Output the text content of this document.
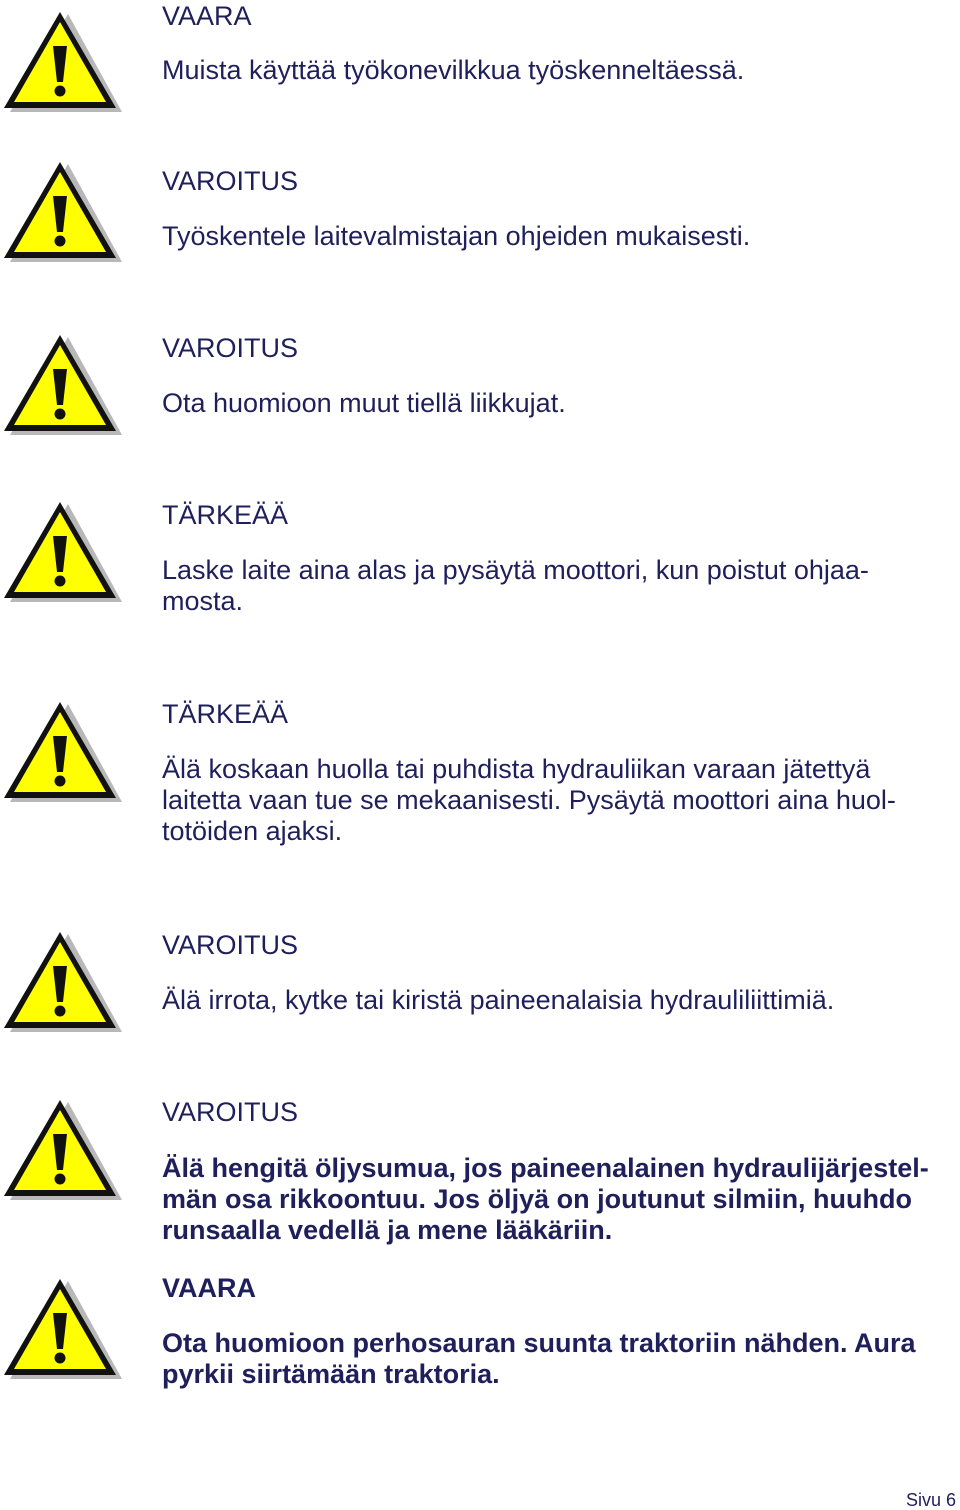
VAARA
Muista käyttää työkonevilkkua työskenneltäessä.
VAROITUS
Työskentele laitevalmistajan ohjeiden mukaisesti.
VAROITUS
Ota huomioon muut tiellä liikkujat.
TÄRKEÄÄ
Laske laite aina alas ja pysäytä moottori, kun poistut ohjaa-
mosta.
TÄRKEÄÄ
Älä koskaan huolla tai puhdista hydrauliikan varaan jätettyä
laitetta vaan tue se mekaanisesti. Pysäytä moottori aina huol-
totöiden ajaksi.
VAROITUS
Älä irrota, kytke tai kiristä paineenalaisia hydrauliliittimiä.
VAROITUS
Älä hengitä öljysumua, jos paineenalainen hydraulijärjestel-
män osa rikkoontuu. Jos öljyä on joutunut silmiin, huuhdo
runsaalla vedellä ja mene lääkäriin.
VAARA
Ota huomioon perhosauran suunta traktoriin nähden. Aura
pyrkii siirtämään traktoria.
Sivu 6
